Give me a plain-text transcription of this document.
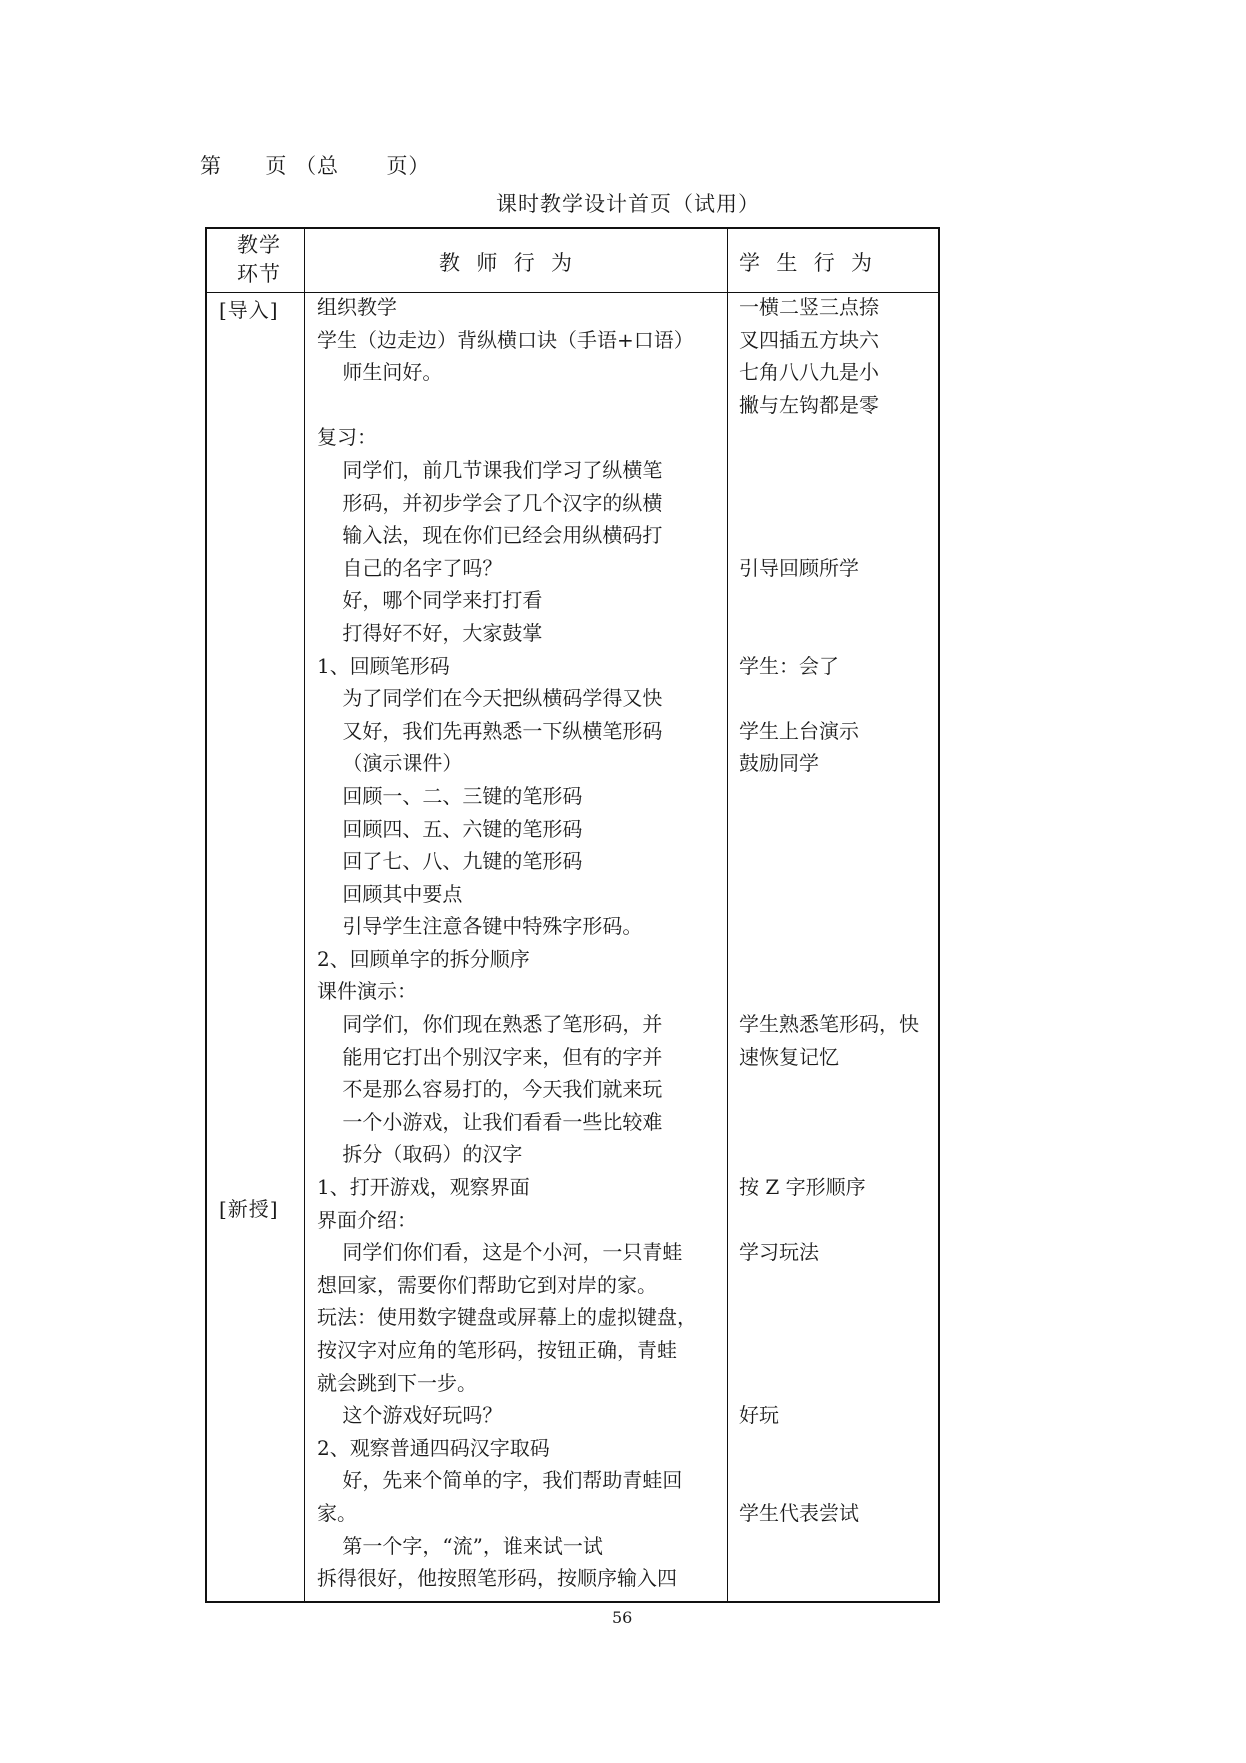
第 页 （总 页）
课时教学设计首页（试用）
教学
环节	教  师  行  为	学  生  行  为
[导入]
[新授]
组织教学
学生（边走边）背纵横口诀（手语+口语）
师生问好。
复习：
同学们，前几节课我们学习了纵横笔
形码，并初步学会了几个汉字的纵横
输入法，现在你们已经会用纵横码打
自己的名字了吗？
好，哪个同学来打打看
打得好不好，大家鼓掌
1、回顾笔形码
为了同学们在今天把纵横码学得又快
又好，我们先再熟悉一下纵横笔形码
（演示课件）
回顾一、二、三键的笔形码
回顾四、五、六键的笔形码
回了七、八、九键的笔形码
回顾其中要点
引导学生注意各键中特殊字形码。
2、回顾单字的拆分顺序
课件演示：
同学们，你们现在熟悉了笔形码，并
能用它打出个别汉字来，但有的字并
不是那么容易打的，今天我们就来玩
一个小游戏，让我们看看一些比较难
拆分（取码）的汉字
1、打开游戏，观察界面
界面介绍：
同学们你们看，这是个小河，一只青蛙
想回家，需要你们帮助它到对岸的家。
玩法：使用数字键盘或屏幕上的虚拟键盘，
按汉字对应角的笔形码，按钮正确，青蛙
就会跳到下一步。
这个游戏好玩吗？
2、观察普通四码汉字取码
好，先来个简单的字，我们帮助青蛙回
家。
第一个字，“流”，谁来试一试
拆得很好，他按照笔形码，按顺序输入四
一横二竖三点捺
叉四插五方块六
七角八八九是小
撇与左钩都是零
引导回顾所学
学生：会了
学生上台演示
鼓励同学
学生熟悉笔形码，快
速恢复记忆
按 Z 字形顺序
学习玩法
好玩
学生代表尝试
56
